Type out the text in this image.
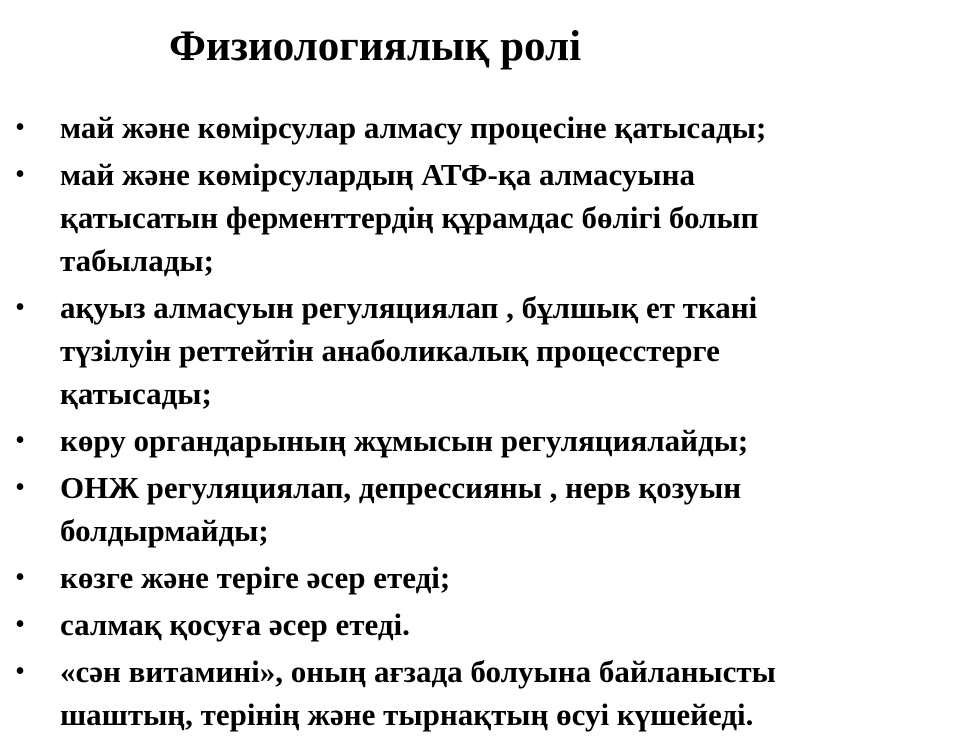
Физиологиялық ролі
• май және көмірсулар алмасу процесіне қатысады;
• май және көмірсулардың АТФ-қа алмасуына
қатысатын ферменттердің құрамдас бөлігі болып
табылады;
• ақуыз алмасуын регуляциялап , бұлшық ет ткані
түзілуін реттейтін анаболикалық процесстерге
қатысады;
• көру органдарының жұмысын регуляциялайды;
• ОНЖ регуляциялап, депрессияны , нерв қозуын
болдырмайды;
• көзге және теріге әсер етеді;
• салмақ қосуға әсер етеді.
• «сән витамині», оның ағзада болуына байланысты
шаштың, терінің және тырнақтың өсуі күшейеді.
